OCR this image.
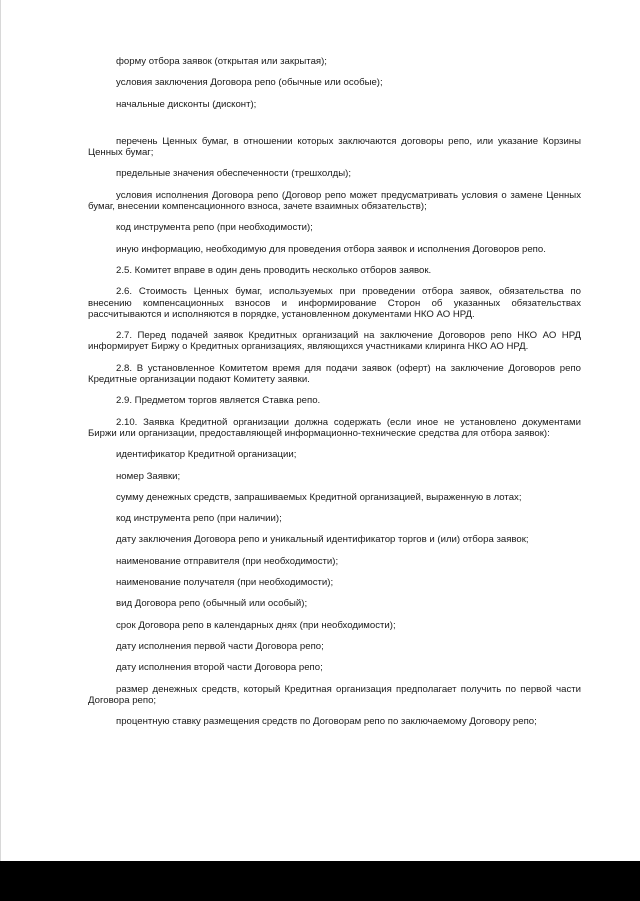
форму отбора заявок (открытая или закрытая);

условия заключения Договора репо (обычные или особые);

начальные дисконты (дисконт);

перечень Ценных бумаг, в отношении которых заключаются договоры репо, или указание Корзины Ценных бумаг;

предельные значения обеспеченности (трешхолды);

условия исполнения Договора репо (Договор репо может предусматривать условия о замене Ценных бумаг, внесении компенсационного взноса, зачете взаимных обязательств);

код инструмента репо (при необходимости);

иную информацию, необходимую для проведения отбора заявок и исполнения Договоров репо.

2.5. Комитет вправе в один день проводить несколько отборов заявок.

2.6. Стоимость Ценных бумаг, используемых при проведении отбора заявок, обязательства по внесению компенсационных взносов и информирование Сторон об указанных обязательствах рассчитываются и исполняются в порядке, установленном документами НКО АО НРД.

2.7. Перед подачей заявок Кредитных организаций на заключение Договоров репо НКО АО НРД информирует Биржу о Кредитных организациях, являющихся участниками клиринга НКО АО НРД.

2.8. В установленное Комитетом время для подачи заявок (оферт) на заключение Договоров репо Кредитные организации подают Комитету заявки.

2.9. Предметом торгов является Ставка репо.

2.10. Заявка Кредитной организации должна содержать (если иное не установлено документами Биржи или организации, предоставляющей информационно-технические средства для отбора заявок):

идентификатор Кредитной организации;

номер Заявки;

сумму денежных средств, запрашиваемых Кредитной организацией, выраженную в лотах;

код инструмента репо (при наличии);

дату заключения Договора репо и уникальный идентификатор торгов и (или) отбора заявок;

наименование отправителя (при необходимости);

наименование получателя (при необходимости);

вид Договора репо (обычный или особый);

срок Договора репо в календарных днях (при необходимости);

дату исполнения первой части Договора репо;

дату исполнения второй части Договора репо;

размер денежных средств, который Кредитная организация предполагает получить по первой части Договора репо;

процентную ставку размещения средств по Договорам репо по заключаемому Договору репо;
